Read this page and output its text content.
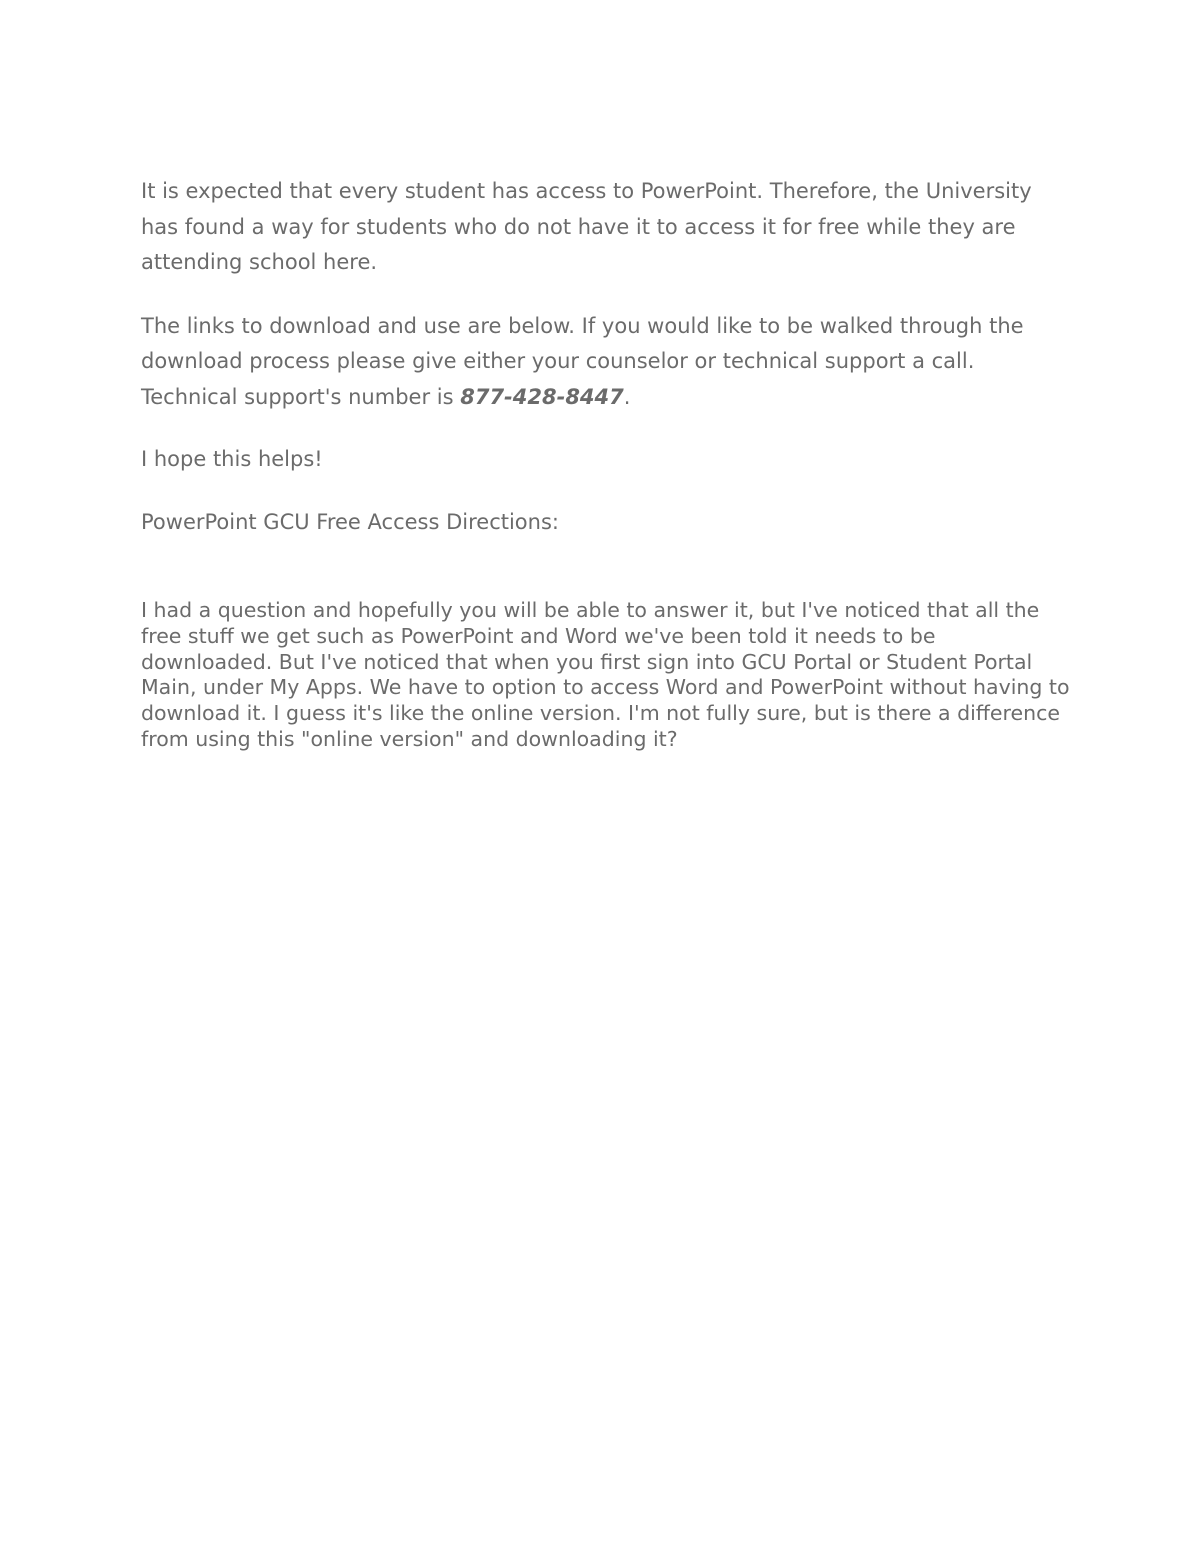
It is expected that every student has access to PowerPoint. Therefore, the University has found a way for students who do not have it to access it for free while they are attending school here.

The links to download and use are below. If you would like to be walked through the download process please give either your counselor or technical support a call. Technical support's number is 877-428-8447.

I hope this helps!

PowerPoint GCU Free Access Directions:

I had a question and hopefully you will be able to answer it, but I've noticed that all the free stuff we get such as PowerPoint and Word we've been told it needs to be downloaded. But I've noticed that when you first sign into GCU Portal or Student Portal Main, under My Apps. We have to option to access Word and PowerPoint without having to download it. I guess it's like the online version. I'm not fully sure, but is there a difference from using this "online version" and downloading it?
